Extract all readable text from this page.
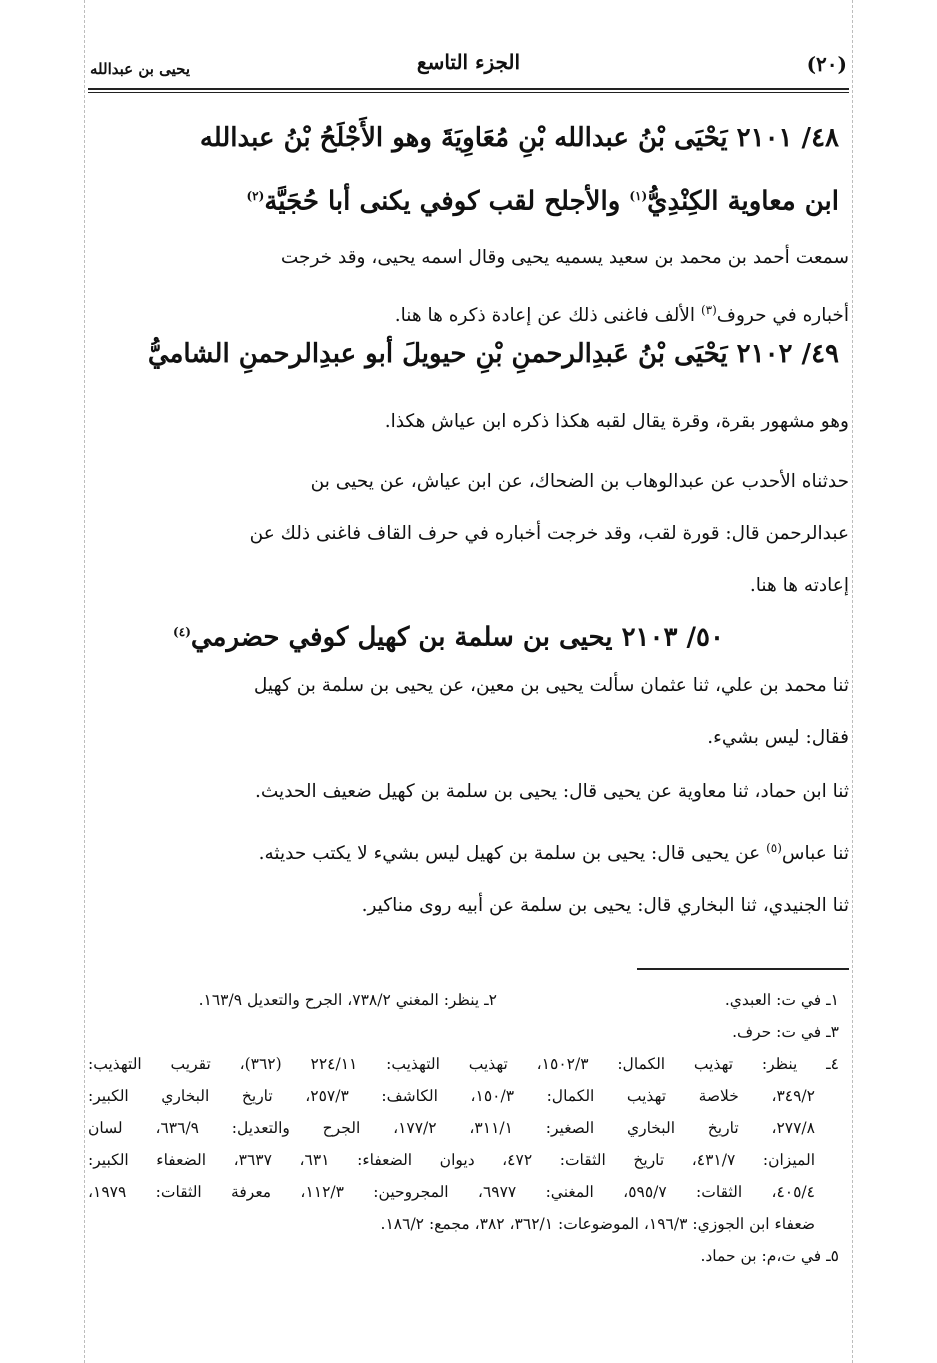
(٢٠)
الجزء التاسع
يحيى بن عبدالله
٤٨/ ٢١٠١ يَحْيَى بْنُ عبدالله بْنِ مُعَاوِيَةَ وهو الأَجْلَحُ بْنُ عبدالله
ابن معاوية الكِنْدِيُّ$^{(١)}$ والأجلح لقب كوفي يكنى أبا حُجَيَّة$^{(٢)}$

سمعت أحمد بن محمد بن سعيد يسميه يحيى وقال اسمه يحيى، وقد خرجت

أخباره في حروف$^{(٣)}$ الألف فاغنى ذلك عن إعادة ذكره ها هنا.

٤٩/ ٢١٠٢ يَحْيَى بْنُ عَبدِالرحمنِ بْنِ حيويلَ أبو عبدِالرحمنِ الشاميُّ

وهو مشهور بقرة، وقرة يقال لقبه هكذا ذكره ابن عياش هكذا.

حدثناه الأحدب عن عبدالوهاب بن الضحاك، عن ابن عياش، عن يحيى بن

عبدالرحمن قال: قورة لقب، وقد خرجت أخباره في حرف القاف فاغنى ذلك عن

إعادته ها هنا.

٥٠/ ٢١٠٣ يحيى بن سلمة بن كهيل كوفي حضرمي$^{(٤)}$

ثنا محمد بن علي، ثنا عثمان سألت يحيى بن معين، عن يحيى بن سلمة بن كهيل

فقال: ليس بشيء.

ثنا ابن حماد، ثنا معاوية عن يحيى قال: يحيى بن سلمة بن كهيل ضعيف الحديث.

ثنا عباس$^{(٥)}$ عن يحيى قال: يحيى بن سلمة بن كهيل ليس بشيء لا يكتب حديثه.

ثنا الجنيدي، ثنا البخاري قال: يحيى بن سلمة عن أبيه روى مناكير.

١ـ في ت: العبدي.
٢ـ ينظر: المغني ٧٣٨/٢، الجرح والتعديل ١٦٣/٩.
٣ـ في ت: حرف.
٤ـ ينظر: تهذيب الكمال: ١٥٠٢/٣، تهذيب التهذيب: ٢٢٤/١١ (٣٦٢)، تقريب التهذيب:
٣٤٩/٢، خلاصة تهذيب الكمال: ١٥٠/٣، الكاشف: ٢٥٧/٣، تاريخ البخاري الكبير:
٢٧٧/٨، تاريخ البخاري الصغير: ٣١١/١، ١٧٧/٢، الجرح والتعديل: ٦٣٦/٩، لسان
الميزان: ٤٣١/٧، تاريخ الثقات: ٤٧٢، ديوان الضعفاء: ٦٣١، ٣٦٣٧، الضعفاء الكبير:
٤٠٥/٤، الثقات: ٥٩٥/٧، المغني: ٦٩٧٧، المجروحين: ١١٢/٣، معرفة الثقات: ١٩٧٩،
ضعفاء ابن الجوزي: ١٩٦/٣، الموضوعات: ٣٦٢/١، ٣٨٢، مجمع: ١٨٦/٢.
٥ـ في ت،م: بن حماد.
